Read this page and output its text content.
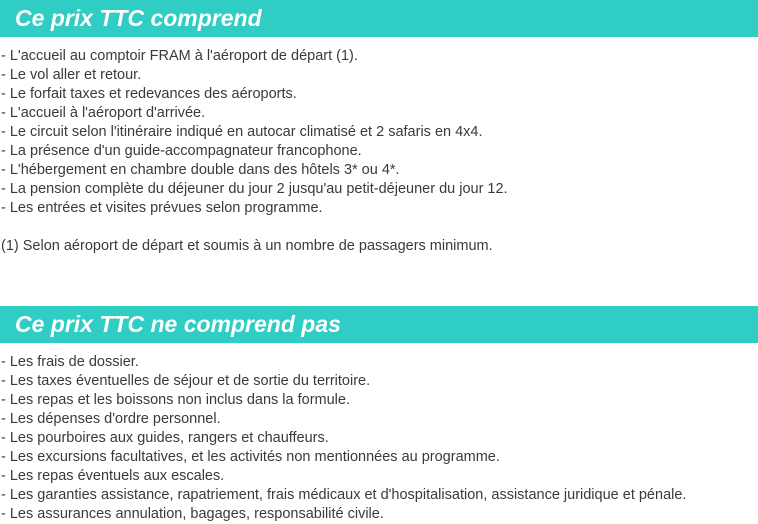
Ce prix TTC comprend
- L'accueil au comptoir FRAM à l'aéroport de départ (1).
- Le vol aller et retour.
- Le forfait taxes et redevances des aéroports.
- L'accueil à l'aéroport d'arrivée.
- Le circuit selon l'itinéraire indiqué en autocar climatisé et 2 safaris en 4x4.
- La présence d'un guide-accompagnateur francophone.
- L'hébergement en chambre double dans des hôtels 3* ou 4*.
- La pension complète du déjeuner du jour 2 jusqu'au petit-déjeuner du jour 12.
- Les entrées et visites prévues selon programme.
(1) Selon aéroport de départ et soumis à un nombre de passagers minimum.
Ce prix TTC ne comprend pas
- Les frais de dossier.
- Les taxes éventuelles de séjour et de sortie du territoire.
- Les repas et les boissons non inclus dans la formule.
- Les dépenses d'ordre personnel.
- Les pourboires aux guides, rangers et chauffeurs.
- Les excursions facultatives, et les activités non mentionnées au programme.
- Les repas éventuels aux escales.
- Les garanties assistance, rapatriement, frais médicaux et d'hospitalisation, assistance juridique et pénale.
- Les assurances annulation, bagages, responsabilité civile.
